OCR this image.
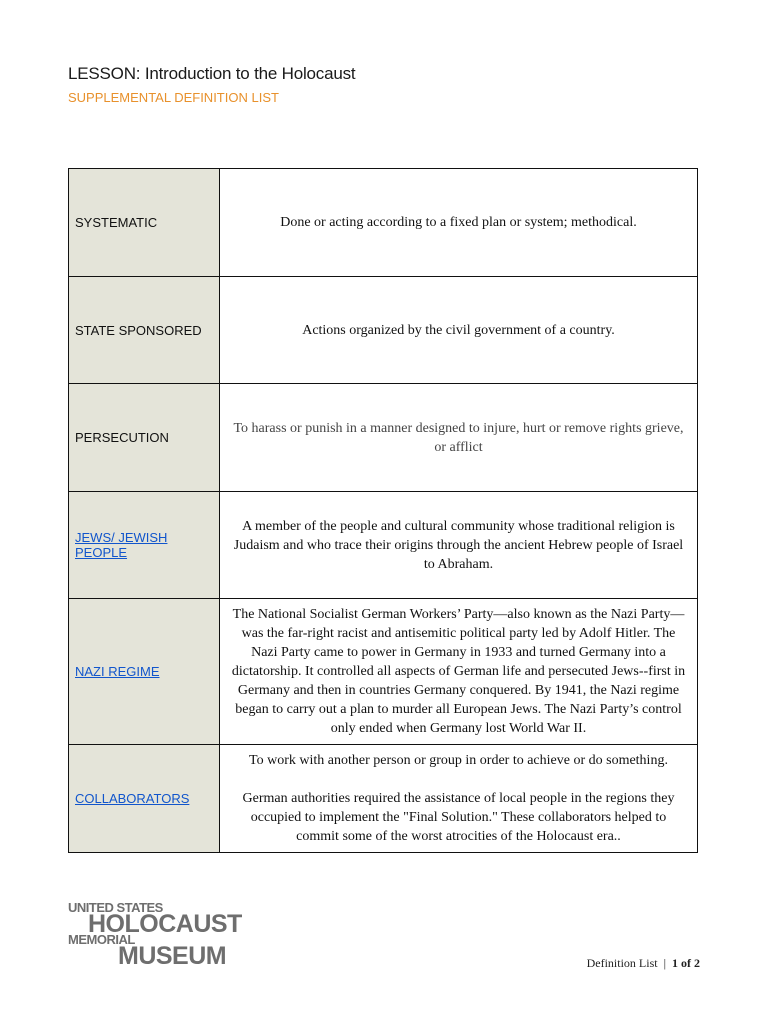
LESSON: Introduction to the Holocaust
SUPPLEMENTAL DEFINITION LIST
SYSTEMATIC	Done or acting according to a fixed plan or system; methodical.

STATE SPONSORED	Actions organized by the civil government of a country.

PERSECUTION	To harass or punish in a manner designed to injure, hurt or remove rights grieve, or afflict

JEWS/ JEWISH PEOPLE	A member of the people and cultural community whose traditional religion is Judaism and who trace their origins through the ancient Hebrew people of Israel to Abraham.

NAZI REGIME	The National Socialist German Workers’ Party—also known as the Nazi Party—was the far-right racist and antisemitic political party led by Adolf Hitler. The Nazi Party came to power in Germany in 1933 and turned Germany into a dictatorship. It controlled all aspects of German life and persecuted Jews--first in Germany and then in countries Germany conquered. By 1941, the Nazi regime began to carry out a plan to murder all European Jews. The Nazi Party’s control only ended when Germany lost World War II.

COLLABORATORS	To work with another person or group in order to achieve or do something.

German authorities required the assistance of local people in the regions they occupied to implement the "Final Solution." These collaborators helped to commit some of the worst atrocities of the Holocaust era..

UNITED STATES
HOLOCAUST
MEMORIAL
MUSEUM	Definition List | 1 of 2
